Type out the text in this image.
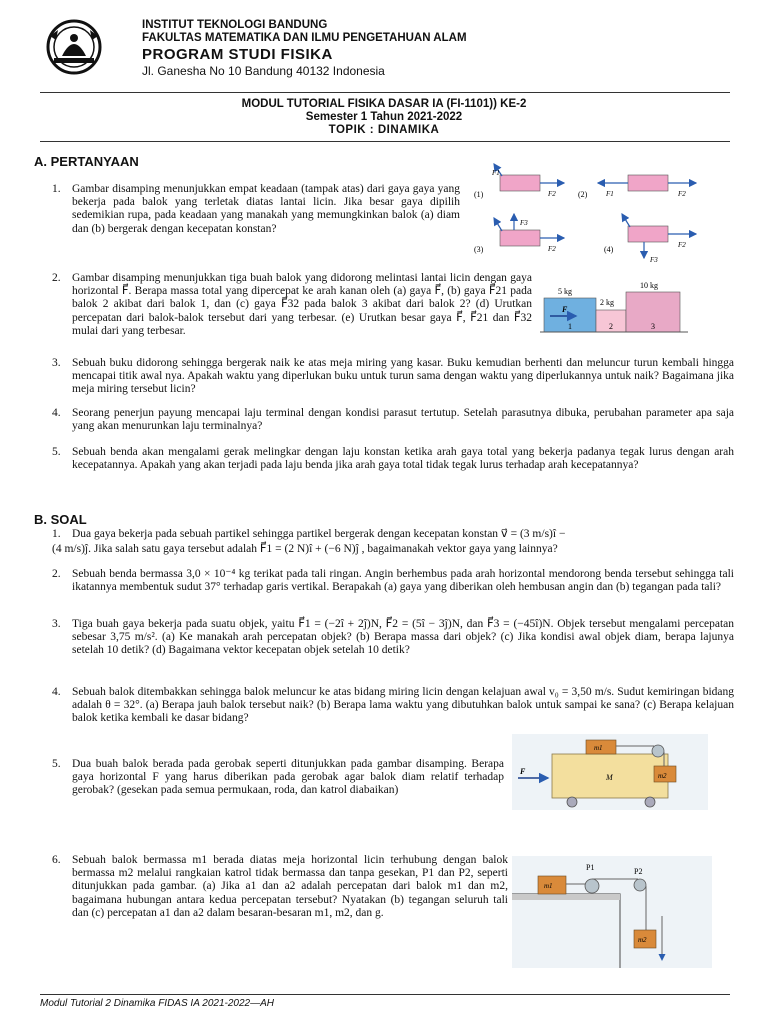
INSTITUT TEKNOLOGI BANDUNG
FAKULTAS MATEMATIKA DAN ILMU PENGETAHUAN ALAM
PROGRAM STUDI FISIKA
Jl. Ganesha No 10 Bandung 40132 Indonesia
MODUL TUTORIAL FISIKA DASAR IA (FI-1101)) KE-2
Semester 1 Tahun 2021-2022
TOPIK : DINAMIKA
A. PERTANYAAN
1. Gambar disamping menunjukkan empat keadaan (tampak atas) dari gaya gaya yang bekerja pada balok yang terletak diatas lantai licin. Jika besar gaya dipilih sedemikian rupa, pada keadaan yang manakah yang memungkinkan balok (a) diam dan (b) bergerak dengan kecepatan konstan?
(1)
F1
F2	(2)	F1	F2
(3)
F3
F2	(4)	F2
F3
2. Gambar disamping menunjukkan tiga buah balok yang didorong melintasi lantai licin dengan gaya horizontal F⃗. Berapa massa total yang dipercepat ke arah kanan oleh (a) gaya F⃗, (b) gaya F⃗21 pada balok 2 akibat dari balok 1, dan (c) gaya F⃗32 pada balok 3 akibat dari balok 2? (d) Urutkan percepatan dari balok-balok tersebut dari yang terbesar. (e) Urutkan besar gaya F⃗, F⃗21 dan F⃗32 mulai dari yang terbesar.
5 kg
2 kg
10 kg
F
1	2	3
3. Sebuah buku didorong sehingga bergerak naik ke atas meja miring yang kasar. Buku kemudian berhenti dan meluncur turun kembali hingga mencapai titik awal nya. Apakah waktu yang diperlukan buku untuk turun sama dengan waktu yang diperlukannya untuk naik? Bagaimana jika meja miring tersebut licin?
4. Seorang penerjun payung mencapai laju terminal dengan kondisi parasut tertutup. Setelah parasutnya dibuka, perubahan parameter apa saja yang akan menurunkan laju terminalnya?
5. Sebuah benda akan mengalami gerak melingkar dengan laju konstan ketika arah gaya total yang bekerja padanya tegak lurus dengan arah kecepatannya. Apakah yang akan terjadi pada laju benda jika arah gaya total tidak tegak lurus terhadap arah kecepatannya?
B. SOAL
1. Dua gaya bekerja pada sebuah partikel sehingga partikel bergerak dengan kecepatan konstan v⃗ = (3 m/s)î −
(4 m/s)ĵ. Jika salah satu gaya tersebut adalah F⃗1 = (2 N)î + (−6 N)ĵ , bagaimanakah vektor gaya yang lainnya?
2. Sebuah benda bermassa 3,0 × 10⁻⁴ kg terikat pada tali ringan. Angin berhembus pada arah horizontal mendorong benda tersebut sehingga tali ikatannya membentuk sudut 37° terhadap garis vertikal. Berapakah (a) gaya yang diberikan oleh hembusan angin dan (b) tegangan pada tali?
3. Tiga buah gaya bekerja pada suatu objek, yaitu F⃗1 = (−2î + 2ĵ)N, F⃗2 = (5î − 3ĵ)N, dan F⃗3 = (−45î)N. Objek tersebut mengalami percepatan sebesar 3,75 m/s². (a) Ke manakah arah percepatan objek? (b) Berapa massa dari objek? (c) Jika kondisi awal objek diam, berapa lajunya setelah 10 detik? (d) Bagaimana vektor kecepatan objek setelah 10 detik?
4. Sebuah balok ditembakkan sehingga balok meluncur ke atas bidang miring licin dengan kelajuan awal v₀ = 3,50 m/s. Sudut kemiringan bidang adalah θ = 32°. (a) Berapa jauh balok tersebut naik? (b) Berapa lama waktu yang dibutuhkan balok untuk sampai ke sana? (c) Berapa kelajuan balok ketika kembali ke dasar bidang?
5. Dua buah balok berada pada gerobak seperti ditunjukkan pada gambar disamping. Berapa gaya horizontal F yang harus diberikan pada gerobak agar balok diam relatif terhadap gerobak? (gesekan pada semua permukaan, roda, dan katrol diabaikan)
m1
m2
M
F
6. Sebuah balok bermassa m1 berada diatas meja horizontal licin terhubung dengan balok bermassa m2 melalui rangkaian katrol tidak bermassa dan tanpa gesekan, P1 dan P2, seperti ditunjukkan pada gambar. (a) Jika a1 dan a2 adalah percepatan dari balok m1 dan m2, bagaimana hubungan antara kedua percepatan tersebut? Nyatakan (b) tegangan seluruh tali dan (c) percepatan a1 dan a2 dalam besaran-besaran m1, m2, dan g.
P1	P2
m1
m2
Modul Tutorial 2 Dinamika FIDAS IA 2021-2022—AH
